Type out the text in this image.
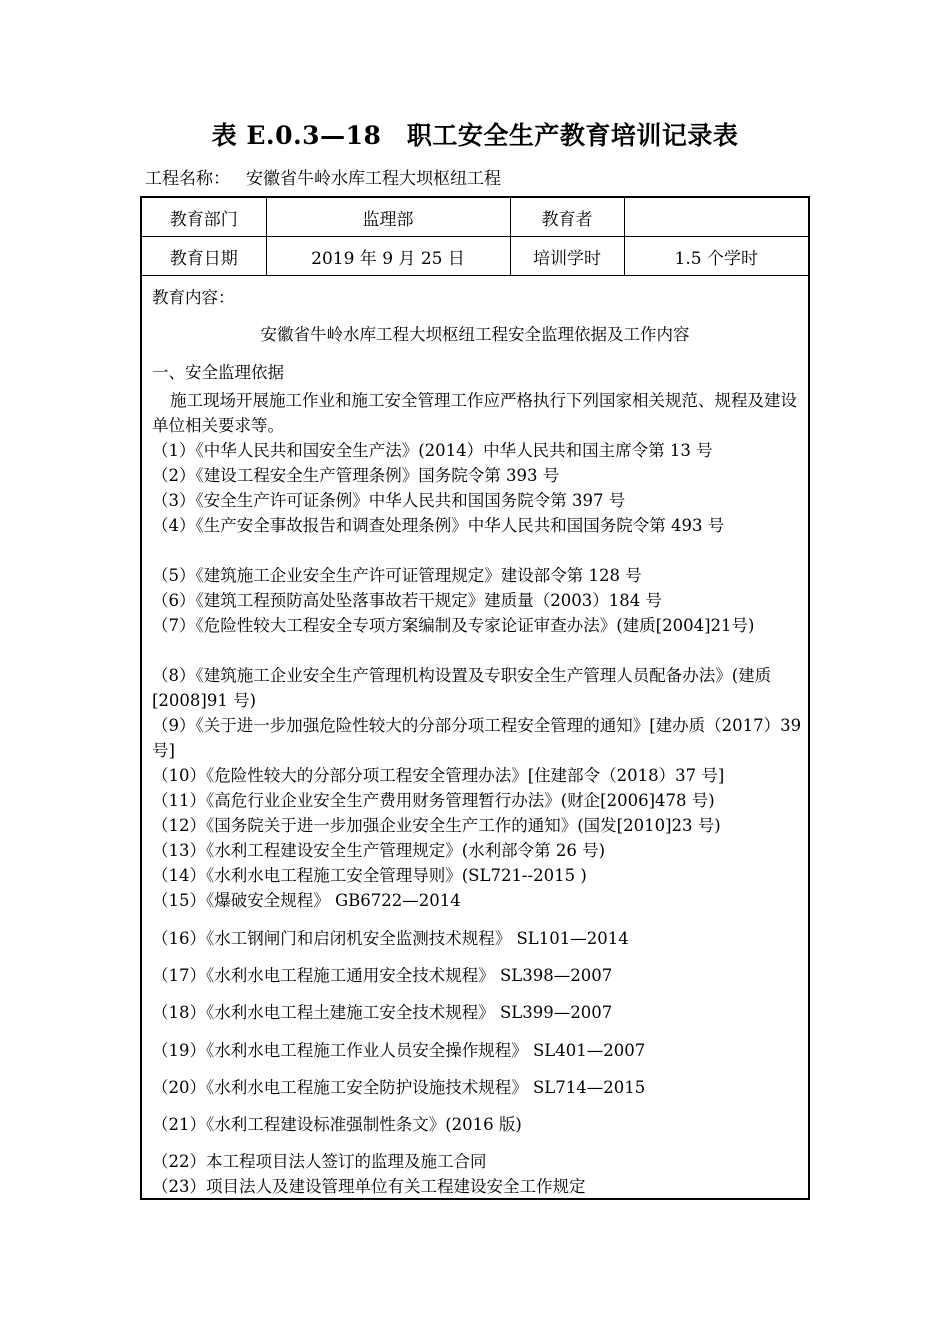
表 E.0.3—18　职工安全生产教育培训记录表
工程名称： 安徽省牛岭水库工程大坝枢纽工程
教育部门	监理部	教育者	
教育日期	2019 年 9 月 25 日	培训学时	1.5 个学时
教育内容：
安徽省牛岭水库工程大坝枢纽工程安全监理依据及工作内容
一、安全监理依据
施工现场开展施工作业和施工安全管理工作应严格执行下列国家相关规范、规程及建设单位相关要求等。
（1）《中华人民共和国安全生产法》(2014）中华人民共和国主席令第 13 号
（2）《建设工程安全生产管理条例》国务院令第 393 号
（3）《安全生产许可证条例》中华人民共和国国务院令第 397 号
（4）《生产安全事故报告和调查处理条例》中华人民共和国国务院令第 493 号
（5）《建筑施工企业安全生产许可证管理规定》建设部令第 128 号
（6）《建筑工程预防高处坠落事故若干规定》建质量（2003）184 号
（7）《危险性较大工程安全专项方案编制及专家论证审查办法》(建质[2004]21号)
（8）《建筑施工企业安全生产管理机构设置及专职安全生产管理人员配备办法》(建质[2008]91 号)
（9）《关于进一步加强危险性较大的分部分项工程安全管理的通知》[建办质（2017）39 号]
（10）《危险性较大的分部分项工程安全管理办法》[住建部令（2018）37 号]
（11）《高危行业企业安全生产费用财务管理暂行办法》(财企[2006]478 号)
（12）《国务院关于进一步加强企业安全生产工作的通知》(国发[2010]23 号)
（13）《水利工程建设安全生产管理规定》(水利部令第 26 号)
（14）《水利水电工程施工安全管理导则》(SL721--2015 )
（15）《爆破安全规程》 GB6722—2014
（16）《水工钢闸门和启闭机安全监测技术规程》 SL101—2014
（17）《水利水电工程施工通用安全技术规程》 SL398—2007
（18）《水利水电工程土建施工安全技术规程》 SL399—2007
（19）《水利水电工程施工作业人员安全操作规程》 SL401—2007
（20）《水利水电工程施工安全防护设施技术规程》 SL714—2015
（21）《水利工程建设标准强制性条文》(2016 版)
（22）本工程项目法人签订的监理及施工合同
（23）项目法人及建设管理单位有关工程建设安全工作规定
